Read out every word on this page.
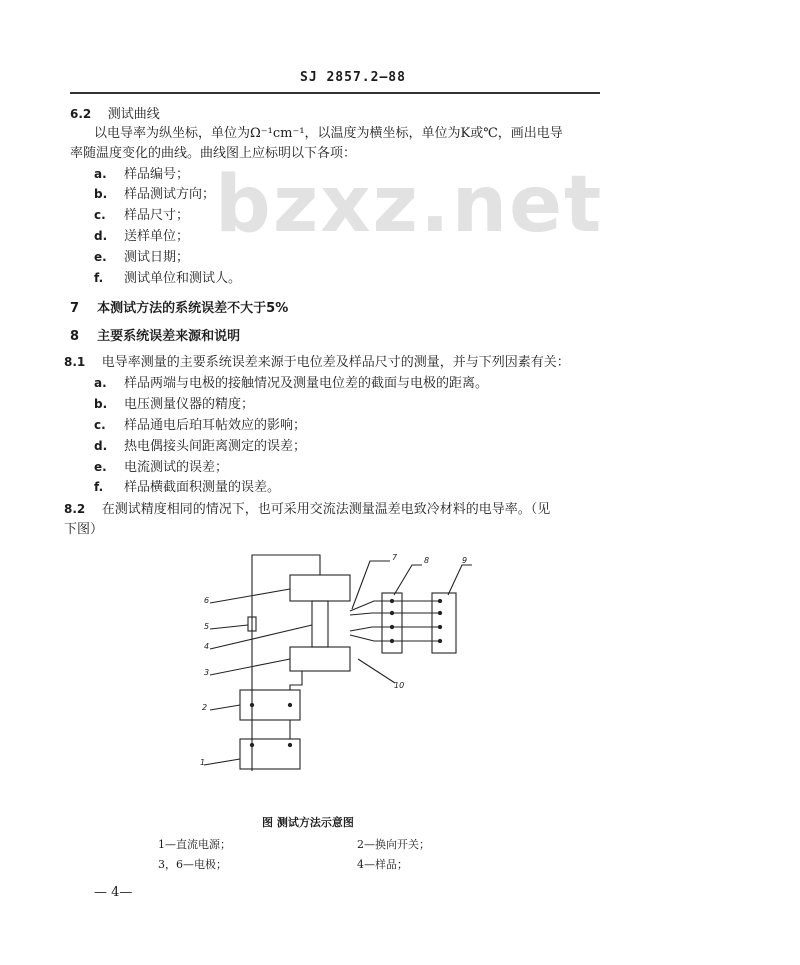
SJ 2857.2—88
bzxz.net
6.2 测试曲线
以电导率为纵坐标，单位为Ω⁻¹cm⁻¹，以温度为横坐标，单位为K或℃，画出电导
率随温度变化的曲线。曲线图上应标明以下各项：
a. 样品编号；
b. 样品测试方向；
c. 样品尺寸；
d. 送样单位；
e. 测试日期；
f. 测试单位和测试人。
7 本测试方法的系统误差不大于5%
8 主要系统误差来源和说明
8.1 电导率测量的主要系统误差来源于电位差及样品尺寸的测量，并与下列因素有关：
a. 样品两端与电极的接触情况及测量电位差的截面与电极的距离。
b. 电压测量仪器的精度；
c. 样品通电后珀耳帖效应的影响；
d. 热电偶接头间距离测定的误差；
e. 电流测试的误差；
f. 样品横截面积测量的误差。
8.2 在测试精度相同的情况下，也可采用交流法测量温差电致冷材料的电导率。（见
下图）
6
5
4
3
2
1
7	8	9
10
图 测试方法示意图
1—直流电源；	2—换向开关；
3，6—电极；	4—样品；
— 4—
